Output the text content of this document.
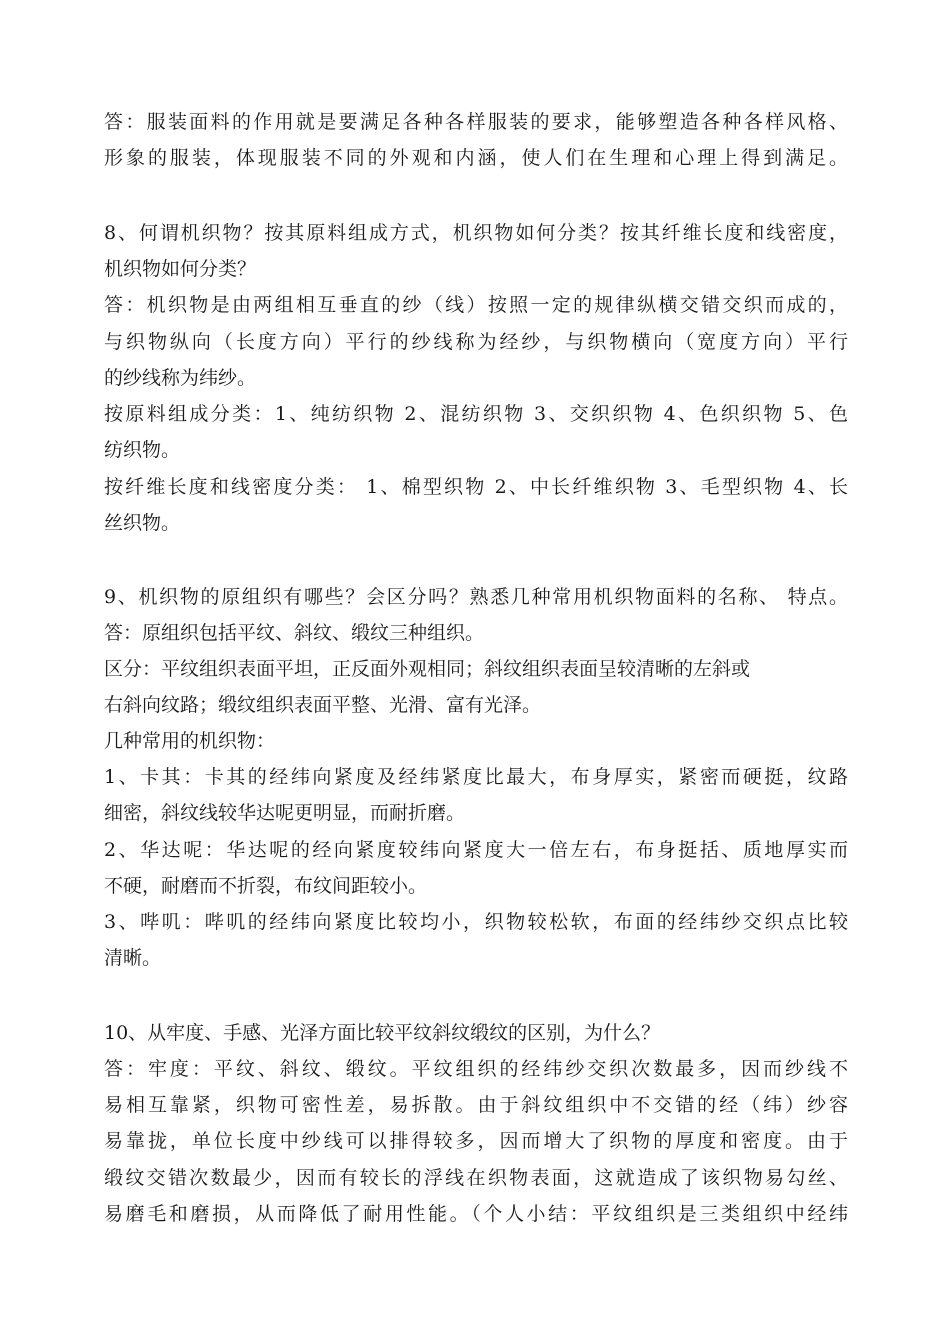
答：服装面料的作用就是要满足各种各样服装的要求，能够塑造各种各样风格、
形象的服装，体现服装不同的外观和内涵，使人们在生理和心理上得到满足。
8、何谓机织物？按其原料组成方式，机织物如何分类？按其纤维长度和线密度，
机织物如何分类？
答：机织物是由两组相互垂直的纱（线）按照一定的规律纵横交错交织而成的，
与织物纵向（长度方向）平行的纱线称为经纱，与织物横向（宽度方向）平行
的纱线称为纬纱。
按原料组成分类：1、纯纺织物 2、混纺织物 3、交织织物 4、色织织物 5、色
纺织物。
按纤维长度和线密度分类： 1、棉型织物 2、中长纤维织物 3、毛型织物 4、长
丝织物。
9、机织物的原组织有哪些？会区分吗？熟悉几种常用机织物面料的名称、 特点。
答：原组织包括平纹、斜纹、缎纹三种组织。
区分：平纹组织表面平坦，正反面外观相同；斜纹组织表面呈较清晰的左斜或
右斜向纹路；缎纹组织表面平整、光滑、富有光泽。
几种常用的机织物：
1、卡其：卡其的经纬向紧度及经纬紧度比最大，布身厚实，紧密而硬挺，纹路
细密，斜纹线较华达呢更明显，而耐折磨。
2、华达呢：华达呢的经向紧度较纬向紧度大一倍左右，布身挺括、质地厚实而
不硬，耐磨而不折裂，布纹间距较小。
3、哔叽：哔叽的经纬向紧度比较均小，织物较松软，布面的经纬纱交织点比较
清晰。
10、从牢度、手感、光泽方面比较平纹斜纹缎纹的区别，为什么？
答：牢度：平纹、斜纹、缎纹。平纹组织的经纬纱交织次数最多，因而纱线不
易相互靠紧，织物可密性差，易拆散。由于斜纹组织中不交错的经（纬）纱容
易靠拢，单位长度中纱线可以排得较多，因而增大了织物的厚度和密度。由于
缎纹交错次数最少，因而有较长的浮线在织物表面，这就造成了该织物易勾丝、
易磨毛和磨损，从而降低了耐用性能。（个人小结：平纹组织是三类组织中经纬
